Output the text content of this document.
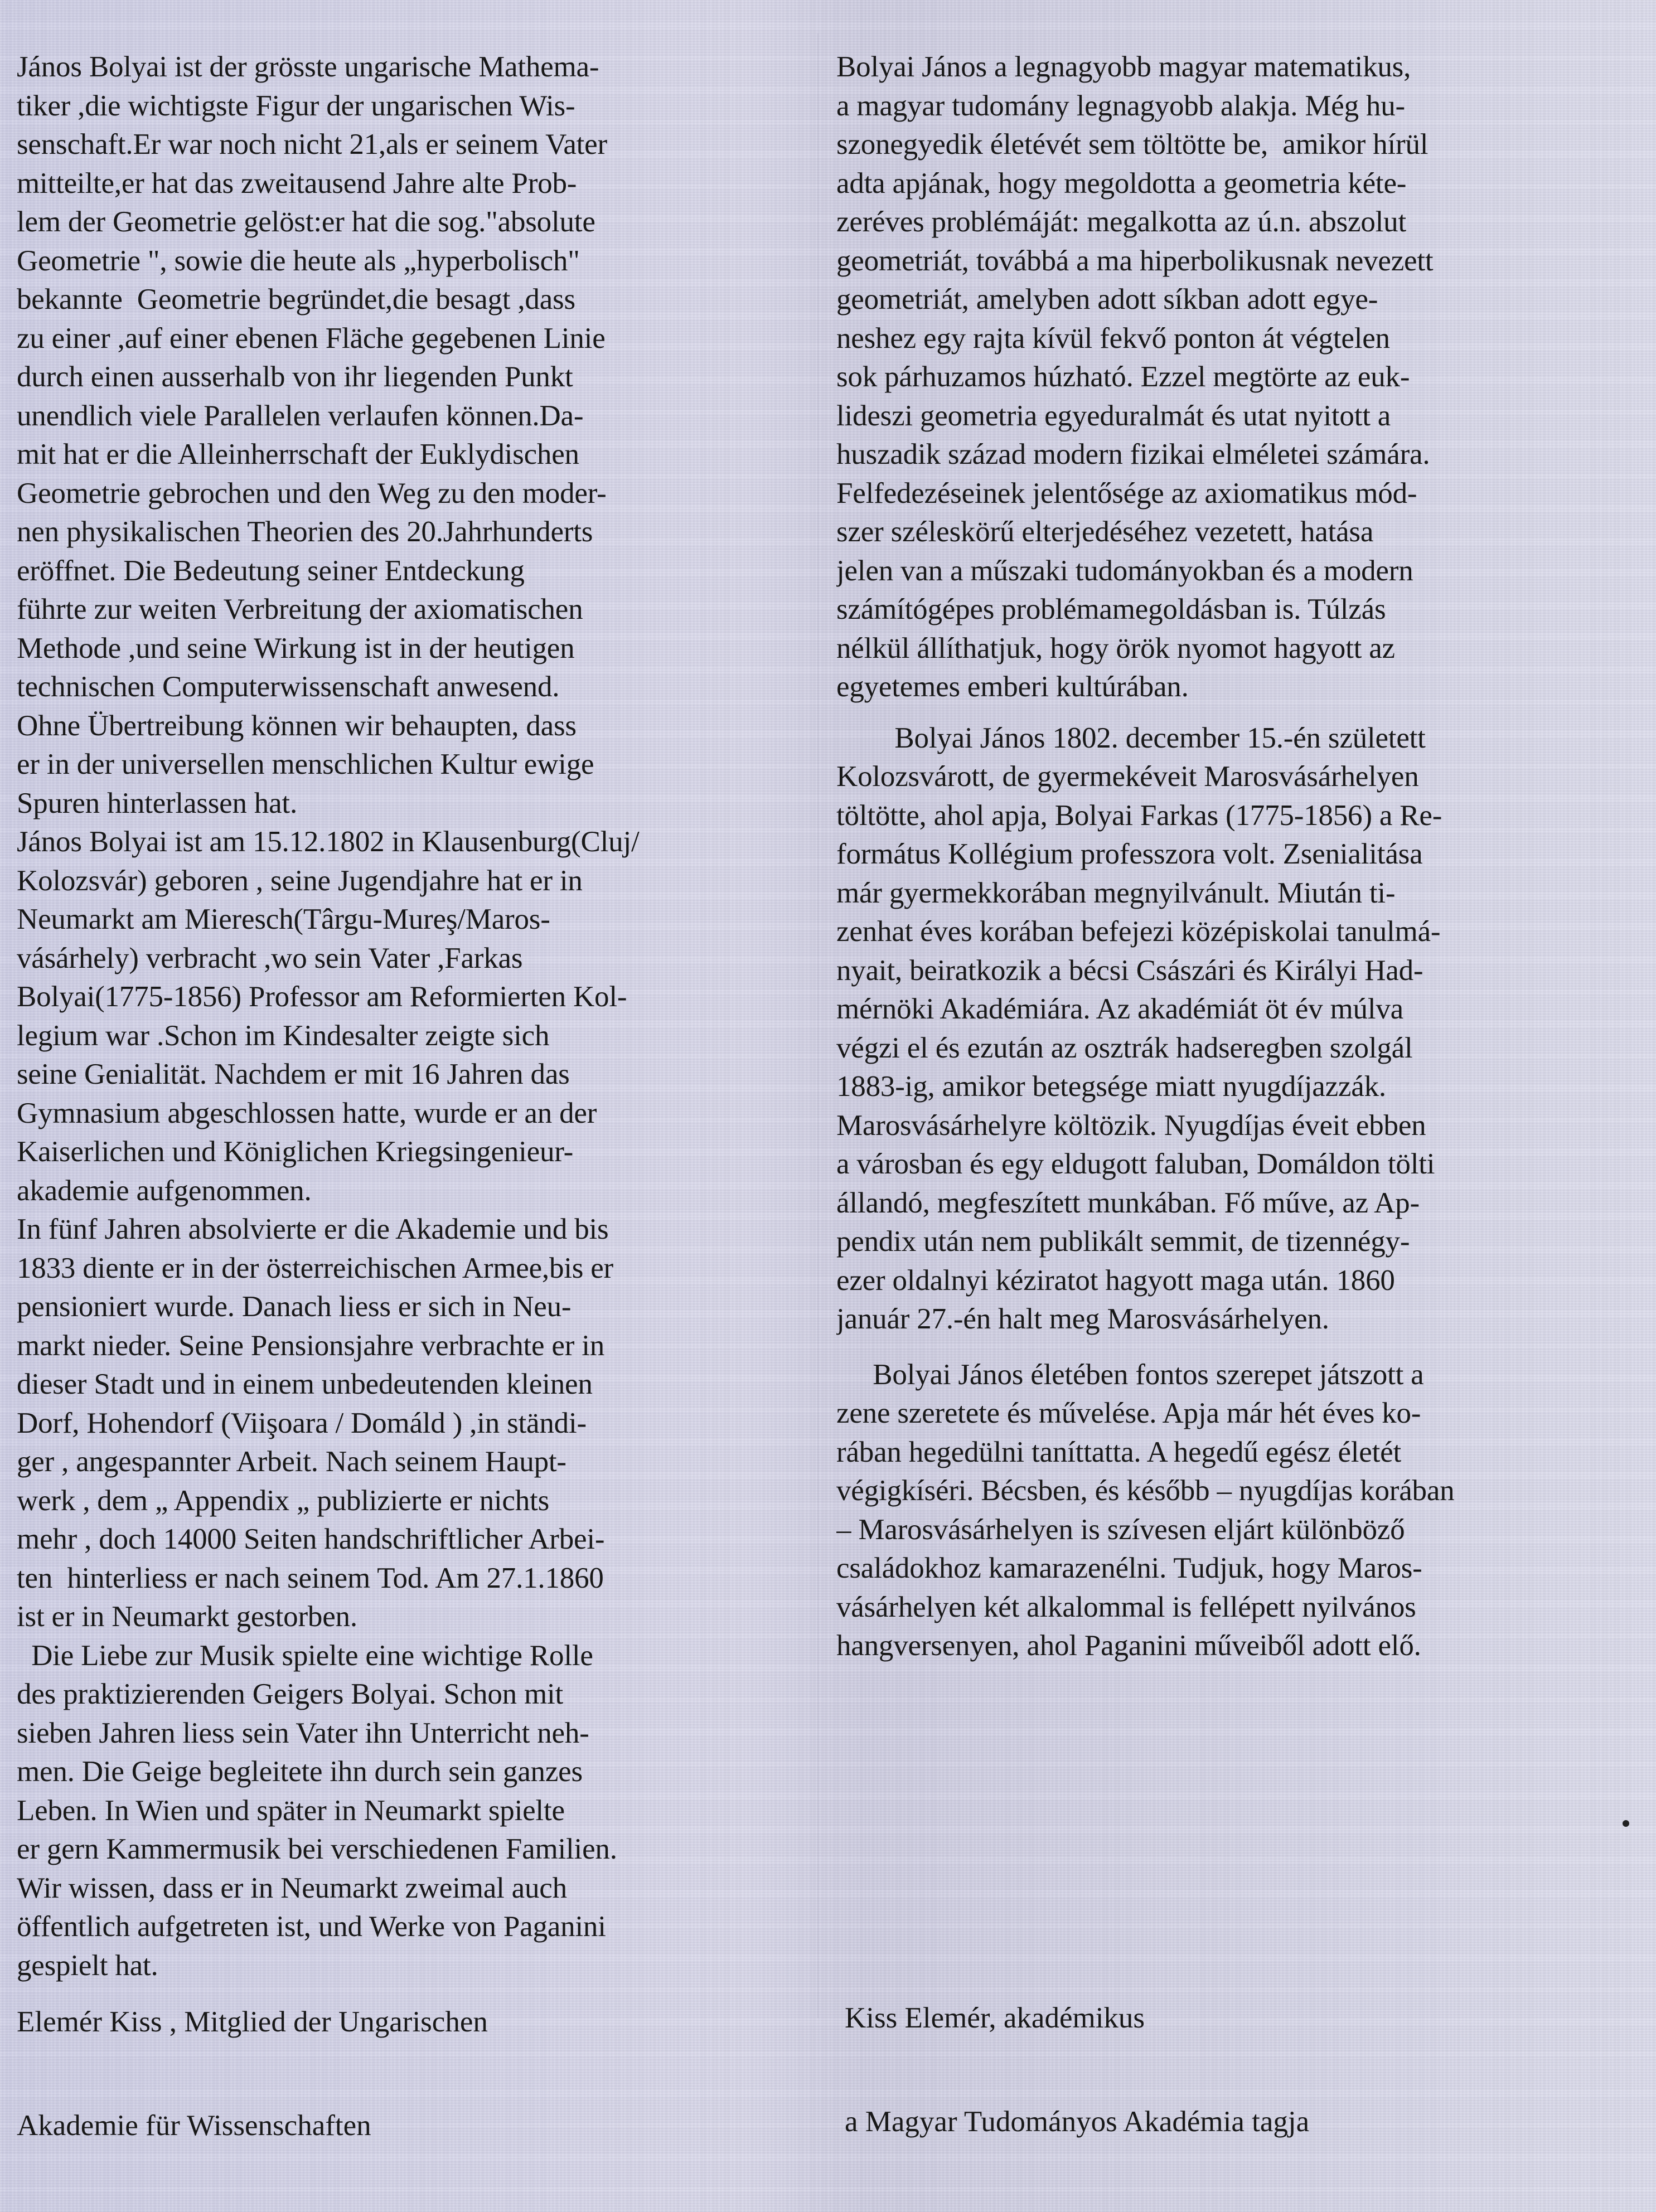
János Bolyai ist der grösste ungarische Mathema-
tiker ,die wichtigste Figur der ungarischen Wis-
senschaft.Er war noch nicht 21,als er seinem Vater
mitteilte,er hat das zweitausend Jahre alte Prob-
lem der Geometrie gelöst:er hat die sog."absolute
Geometrie ", sowie die heute als „hyperbolisch"
bekannte  Geometrie begründet,die besagt ,dass
zu einer ,auf einer ebenen Fläche gegebenen Linie
durch einen ausserhalb von ihr liegenden Punkt
unendlich viele Parallelen verlaufen können.Da-
mit hat er die Alleinherrschaft der Euklydischen
Geometrie gebrochen und den Weg zu den moder-
nen physikalischen Theorien des 20.Jahrhunderts
eröffnet. Die Bedeutung seiner Entdeckung
führte zur weiten Verbreitung der axiomatischen
Methode ,und seine Wirkung ist in der heutigen
technischen Computerwissenschaft anwesend.
Ohne Übertreibung können wir behaupten, dass
er in der universellen menschlichen Kultur ewige
Spuren hinterlassen hat.
János Bolyai ist am 15.12.1802 in Klausenburg(Cluj/
Kolozsvár) geboren , seine Jugendjahre hat er in
Neumarkt am Mieresch(Târgu-Mureş/Maros-
vásárhely) verbracht ,wo sein Vater ,Farkas
Bolyai(1775-1856) Professor am Reformierten Kol-
legium war .Schon im Kindesalter zeigte sich
seine Genialität. Nachdem er mit 16 Jahren das
Gymnasium abgeschlossen hatte, wurde er an der
Kaiserlichen und Königlichen Kriegsingenieur-
akademie aufgenommen.
In fünf Jahren absolvierte er die Akademie und bis
1833 diente er in der österreichischen Armee,bis er
pensioniert wurde. Danach liess er sich in Neu-
markt nieder. Seine Pensionsjahre verbrachte er in
dieser Stadt und in einem unbedeutenden kleinen
Dorf, Hohendorf (Viişoara / Domáld ) ,in ständi-
ger , angespannter Arbeit. Nach seinem Haupt-
werk , dem „ Appendix „ publizierte er nichts
mehr , doch 14000 Seiten handschriftlicher Arbei-
ten  hinterliess er nach seinem Tod. Am 27.1.1860
ist er in Neumarkt gestorben.
Die Liebe zur Musik spielte eine wichtige Rolle
des praktizierenden Geigers Bolyai. Schon mit
sieben Jahren liess sein Vater ihn Unterricht neh-
men. Die Geige begleitete ihn durch sein ganzes
Leben. In Wien und später in Neumarkt spielte
er gern Kammermusik bei verschiedenen Familien.
Wir wissen, dass er in Neumarkt zweimal auch
öffentlich aufgetreten ist, und Werke von Paganini
gespielt hat.
Bolyai János a legnagyobb magyar matematikus,
a magyar tudomány legnagyobb alakja. Még hu-
szonegyedik életévét sem töltötte be,  amikor hírül
adta apjának, hogy megoldotta a geometria kéte-
zeréves problémáját: megalkotta az ú.n. abszolut
geometriát, továbbá a ma hiperbolikusnak nevezett
geometriát, amelyben adott síkban adott egye-
neshez egy rajta kívül fekvő ponton át végtelen
sok párhuzamos húzható. Ezzel megtörte az euk-
lideszi geometria egyeduralmát és utat nyitott a
huszadik század modern fizikai elméletei számára.
Felfedezéseinek jelentősége az axiomatikus mód-
szer széleskörű elterjedéséhez vezetett, hatása
jelen van a műszaki tudományokban és a modern
számítógépes problémamegoldásban is. Túlzás
nélkül állíthatjuk, hogy örök nyomot hagyott az
egyetemes emberi kultúrában.
Bolyai János 1802. december 15.-én született
Kolozsvárott, de gyermekéveit Marosvásárhelyen
töltötte, ahol apja, Bolyai Farkas (1775-1856) a Re-
formátus Kollégium professzora volt. Zsenialitása
már gyermekkorában megnyilvánult. Miután ti-
zenhat éves korában befejezi középiskolai tanulmá-
nyait, beiratkozik a bécsi Császári és Királyi Had-
mérnöki Akadémiára. Az akadémiát öt év múlva
végzi el és ezután az osztrák hadseregben szolgál
1883-ig, amikor betegsége miatt nyugdíjazzák.
Marosvásárhelyre költözik. Nyugdíjas éveit ebben
a városban és egy eldugott faluban, Domáldon tölti
állandó, megfeszített munkában. Fő műve, az Ap-
pendix után nem publikált semmit, de tizennégy-
ezer oldalnyi kéziratot hagyott maga után. 1860
január 27.-én halt meg Marosvásárhelyen.
Bolyai János életében fontos szerepet játszott a
zene szeretete és művelése. Apja már hét éves ko-
rában hegedülni taníttatta. A hegedű egész életét
végigkíséri. Bécsben, és később – nyugdíjas korában
– Marosvásárhelyen is szívesen eljárt különböző
családokhoz kamarazenélni. Tudjuk, hogy Maros-
vásárhelyen két alkalommal is fellépett nyilvános
hangversenyen, ahol Paganini műveiből adott elő.

Elemér Kiss , Mitglied der Ungarischen

Akademie für Wissenschaften

Kiss Elemér, akadémikus

a Magyar Tudományos Akadémia tagja
